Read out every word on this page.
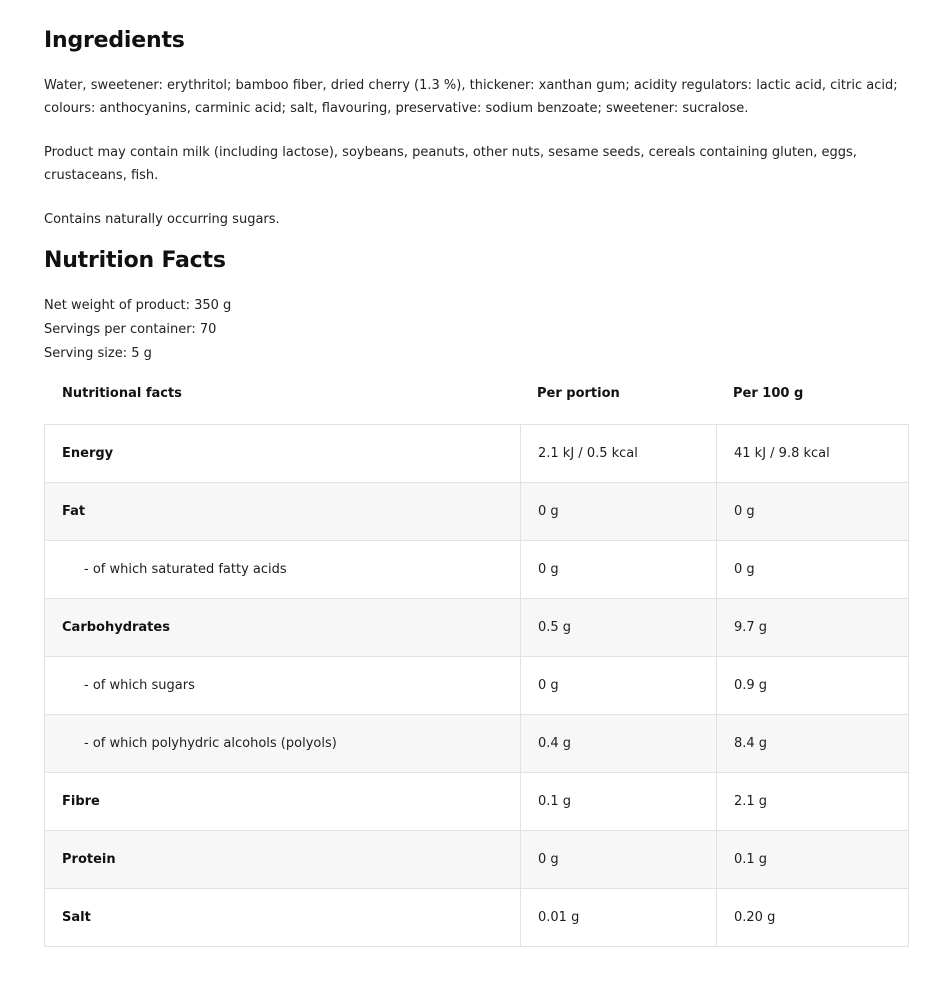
Ingredients

Water, sweetener: erythritol; bamboo fiber, dried cherry (1.3 %), thickener: xanthan gum; acidity regulators: lactic acid, citric acid; colours: anthocyanins, carminic acid; salt, flavouring, preservative: sodium benzoate; sweetener: sucralose.

Product may contain milk (including lactose), soybeans, peanuts, other nuts, sesame seeds, cereals containing gluten, eggs, crustaceans, fish.

Contains naturally occurring sugars.

Nutrition Facts
Net weight of product: 350 g
Servings per container: 70
Serving size: 5 g
Nutritional facts	Per portion	Per 100 g
Energy	2.1 kJ / 0.5 kcal	41 kJ / 9.8 kcal
Fat	0 g	0 g
- of which saturated fatty acids	0 g	0 g
Carbohydrates	0.5 g	9.7 g
- of which sugars	0 g	0.9 g
- of which polyhydric alcohols (polyols)	0.4 g	8.4 g
Fibre	0.1 g	2.1 g
Protein	0 g	0.1 g
Salt	0.01 g	0.20 g
